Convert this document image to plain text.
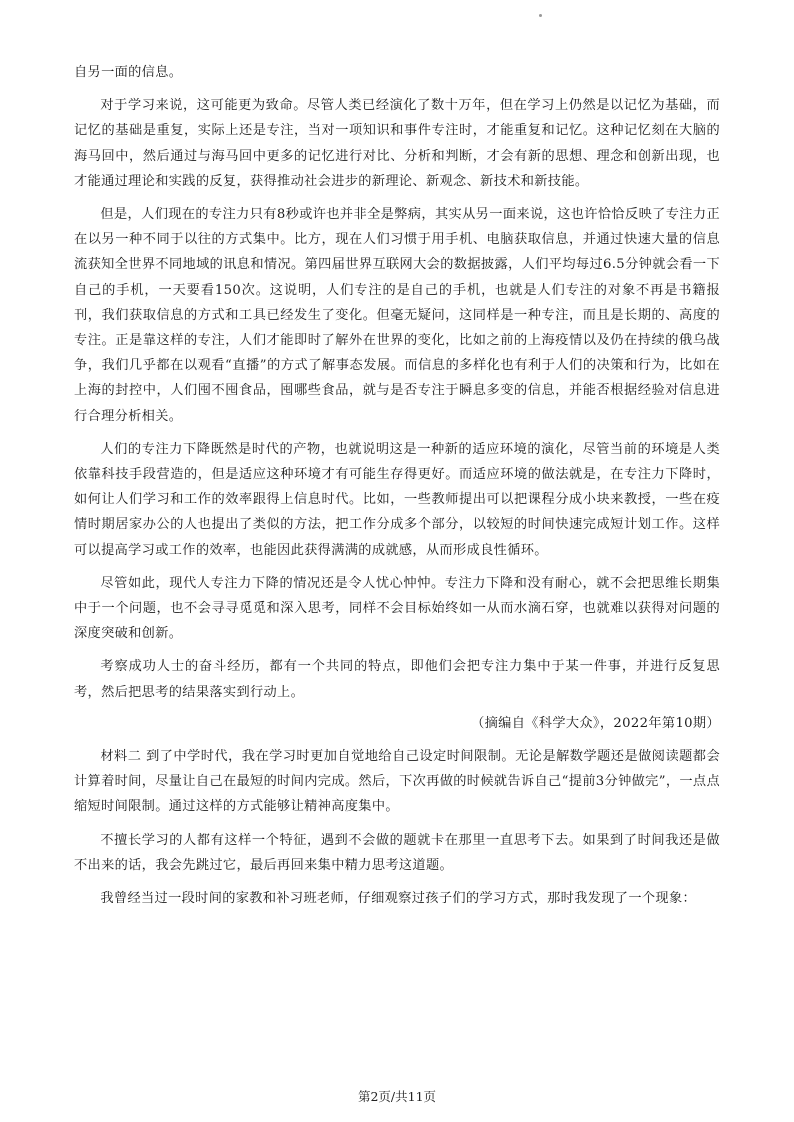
自另一面的信息。

对于学习来说，这可能更为致命。尽管人类已经演化了数十万年，但在学习上仍然是以记忆为基础，而记忆的基础是重复，实际上还是专注，当对一项知识和事件专注时，才能重复和记忆。这种记忆刻在大脑的海马回中，然后通过与海马回中更多的记忆进行对比、分析和判断，才会有新的思想、理念和创新出现，也才能通过理论和实践的反复，获得推动社会进步的新理论、新观念、新技术和新技能。

但是，人们现在的专注力只有8秒或许也并非全是弊病，其实从另一面来说，这也许恰恰反映了专注力正在以另一种不同于以往的方式集中。比方，现在人们习惯于用手机、电脑获取信息，并通过快速大量的信息流获知全世界不同地域的讯息和情况。第四届世界互联网大会的数据披露，人们平均每过6.5分钟就会看一下自己的手机，一天要看150次。这说明，人们专注的是自己的手机，也就是人们专注的对象不再是书籍报刊，我们获取信息的方式和工具已经发生了变化。但毫无疑问，这同样是一种专注，而且是长期的、高度的专注。正是靠这样的专注，人们才能即时了解外在世界的变化，比如之前的上海疫情以及仍在持续的俄乌战争，我们几乎都在以观看“直播”的方式了解事态发展。而信息的多样化也有利于人们的决策和行为，比如在上海的封控中，人们囤不囤食品，囤哪些食品，就与是否专注于瞬息多变的信息，并能否根据经验对信息进行合理分析相关。

人们的专注力下降既然是时代的产物，也就说明这是一种新的适应环境的演化，尽管当前的环境是人类依靠科技手段营造的，但是适应这种环境才有可能生存得更好。而适应环境的做法就是，在专注力下降时，如何让人们学习和工作的效率跟得上信息时代。比如，一些教师提出可以把课程分成小块来教授，一些在疫情时期居家办公的人也提出了类似的方法，把工作分成多个部分，以较短的时间快速完成短计划工作。这样可以提高学习或工作的效率，也能因此获得满满的成就感，从而形成良性循环。

尽管如此，现代人专注力下降的情况还是令人忧心忡忡。专注力下降和没有耐心，就不会把思维长期集中于一个问题，也不会寻寻觅觅和深入思考，同样不会目标始终如一从而水滴石穿，也就难以获得对问题的深度突破和创新。

考察成功人士的奋斗经历，都有一个共同的特点，即他们会把专注力集中于某一件事，并进行反复思考，然后把思考的结果落实到行动上。

（摘编自《科学大众》，2022年第10期）

材料二 到了中学时代，我在学习时更加自觉地给自己设定时间限制。无论是解数学题还是做阅读题都会计算着时间，尽量让自己在最短的时间内完成。然后，下次再做的时候就告诉自己“提前3分钟做完”，一点点缩短时间限制。通过这样的方式能够让精神高度集中。

不擅长学习的人都有这样一个特征，遇到不会做的题就卡在那里一直思考下去。如果到了时间我还是做不出来的话，我会先跳过它，最后再回来集中精力思考这道题。

我曾经当过一段时间的家教和补习班老师，仔细观察过孩子们的学习方式，那时我发现了一个现象：

第2页/共11页
